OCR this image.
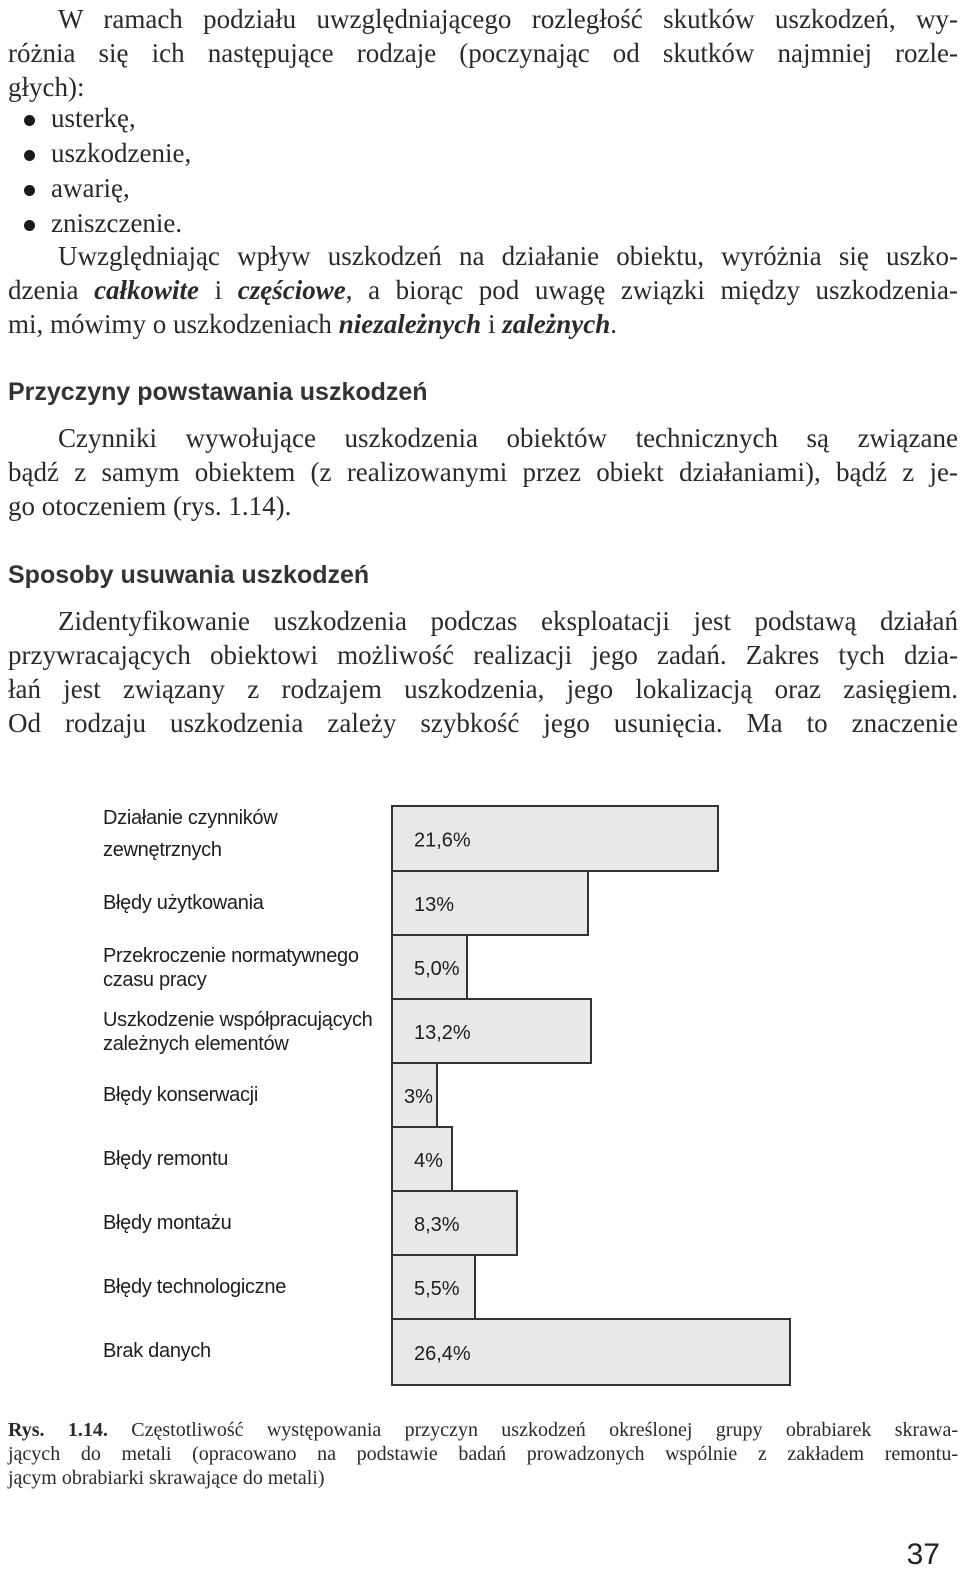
W ramach podziału uwzględniającego rozległość skutków uszkodzeń, wy-
różnia się ich następujące rodzaje (poczynając od skutków najmniej rozle-
głych):
usterkę,
uszkodzenie,
awarię,
zniszczenie.
Uwzględniając wpływ uszkodzeń na działanie obiektu, wyróżnia się uszko-
dzenia całkowite i częściowe, a biorąc pod uwagę związki między uszkodzenia-
mi, mówimy o uszkodzeniach niezależnych i zależnych.
Przyczyny powstawania uszkodzeń
Czynniki wywołujące uszkodzenia obiektów technicznych są związane
bądź z samym obiektem (z realizowanymi przez obiekt działaniami), bądź z je-
go otoczeniem (rys. 1.14).
Sposoby usuwania uszkodzeń
Zidentyfikowanie uszkodzenia podczas eksploatacji jest podstawą działań
przywracających obiektowi możliwość realizacji jego zadań. Zakres tych dzia-
łań jest związany z rodzajem uszkodzenia, jego lokalizacją oraz zasięgiem.
Od rodzaju uszkodzenia zależy szybkość jego usunięcia. Ma to znaczenie
21,6%
13%
5,0%
13,2%
3%
4%
8,3%
5,5%
26,4%
Działanie czynników
zewnętrznych
Błędy użytkowania
Przekroczenie normatywnego
czasu pracy
Uszkodzenie współpracujących
zależnych elementów
Błędy konserwacji
Błędy remontu
Błędy montażu
Błędy technologiczne
Brak danych
Rys. 1.14. Częstotliwość występowania przyczyn uszkodzeń określonej grupy obrabiarek skrawa-
jących do metali (opracowano na podstawie badań prowadzonych wspólnie z zakładem remontu-
jącym obrabiarki skrawające do metali)
37
